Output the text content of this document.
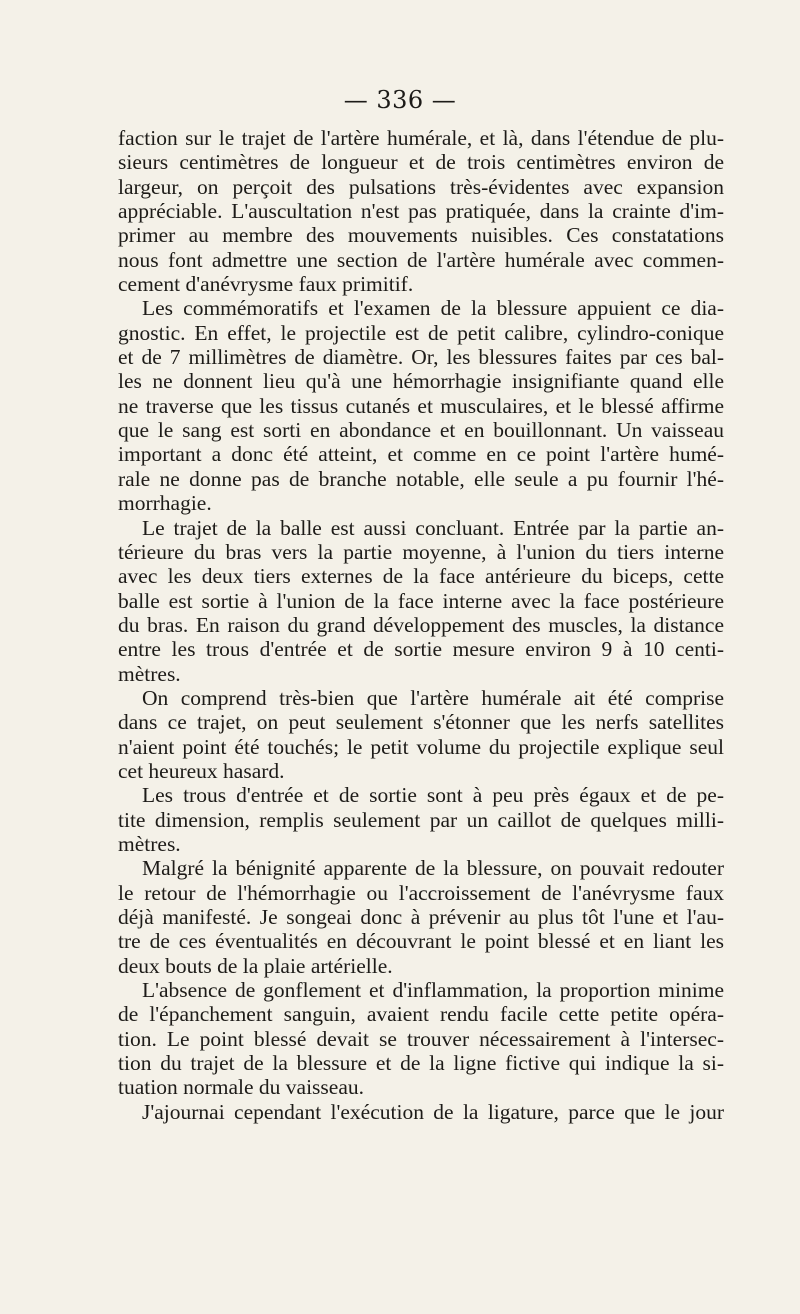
— 336 —
faction sur le trajet de l'artère humérale, et là, dans l'étendue de plu-
sieurs centimètres de longueur et de trois centimètres environ de
largeur, on perçoit des pulsations très-évidentes avec expansion
appréciable. L'auscultation n'est pas pratiquée, dans la crainte d'im-
primer au membre des mouvements nuisibles. Ces constatations
nous font admettre une section de l'artère humérale avec commen-
cement d'anévrysme faux primitif.
Les commémoratifs et l'examen de la blessure appuient ce dia-
gnostic. En effet, le projectile est de petit calibre, cylindro-conique
et de 7 millimètres de diamètre. Or, les blessures faites par ces bal-
les ne donnent lieu qu'à une hémorrhagie insignifiante quand elle
ne traverse que les tissus cutanés et musculaires, et le blessé affirme
que le sang est sorti en abondance et en bouillonnant. Un vaisseau
important a donc été atteint, et comme en ce point l'artère humé-
rale ne donne pas de branche notable, elle seule a pu fournir l'hé-
morrhagie.
Le trajet de la balle est aussi concluant. Entrée par la partie an-
térieure du bras vers la partie moyenne, à l'union du tiers interne
avec les deux tiers externes de la face antérieure du biceps, cette
balle est sortie à l'union de la face interne avec la face postérieure
du bras. En raison du grand développement des muscles, la distance
entre les trous d'entrée et de sortie mesure environ 9 à 10 centi-
mètres.
On comprend très-bien que l'artère humérale ait été comprise
dans ce trajet, on peut seulement s'étonner que les nerfs satellites
n'aient point été touchés; le petit volume du projectile explique seul
cet heureux hasard.
Les trous d'entrée et de sortie sont à peu près égaux et de pe-
tite dimension, remplis seulement par un caillot de quelques milli-
mètres.
Malgré la bénignité apparente de la blessure, on pouvait redouter
le retour de l'hémorrhagie ou l'accroissement de l'anévrysme faux
déjà manifesté. Je songeai donc à prévenir au plus tôt l'une et l'au-
tre de ces éventualités en découvrant le point blessé et en liant les
deux bouts de la plaie artérielle.
L'absence de gonflement et d'inflammation, la proportion minime
de l'épanchement sanguin, avaient rendu facile cette petite opéra-
tion. Le point blessé devait se trouver nécessairement à l'intersec-
tion du trajet de la blessure et de la ligne fictive qui indique la si-
tuation normale du vaisseau.
J'ajournai cependant l'exécution de la ligature, parce que le jour
